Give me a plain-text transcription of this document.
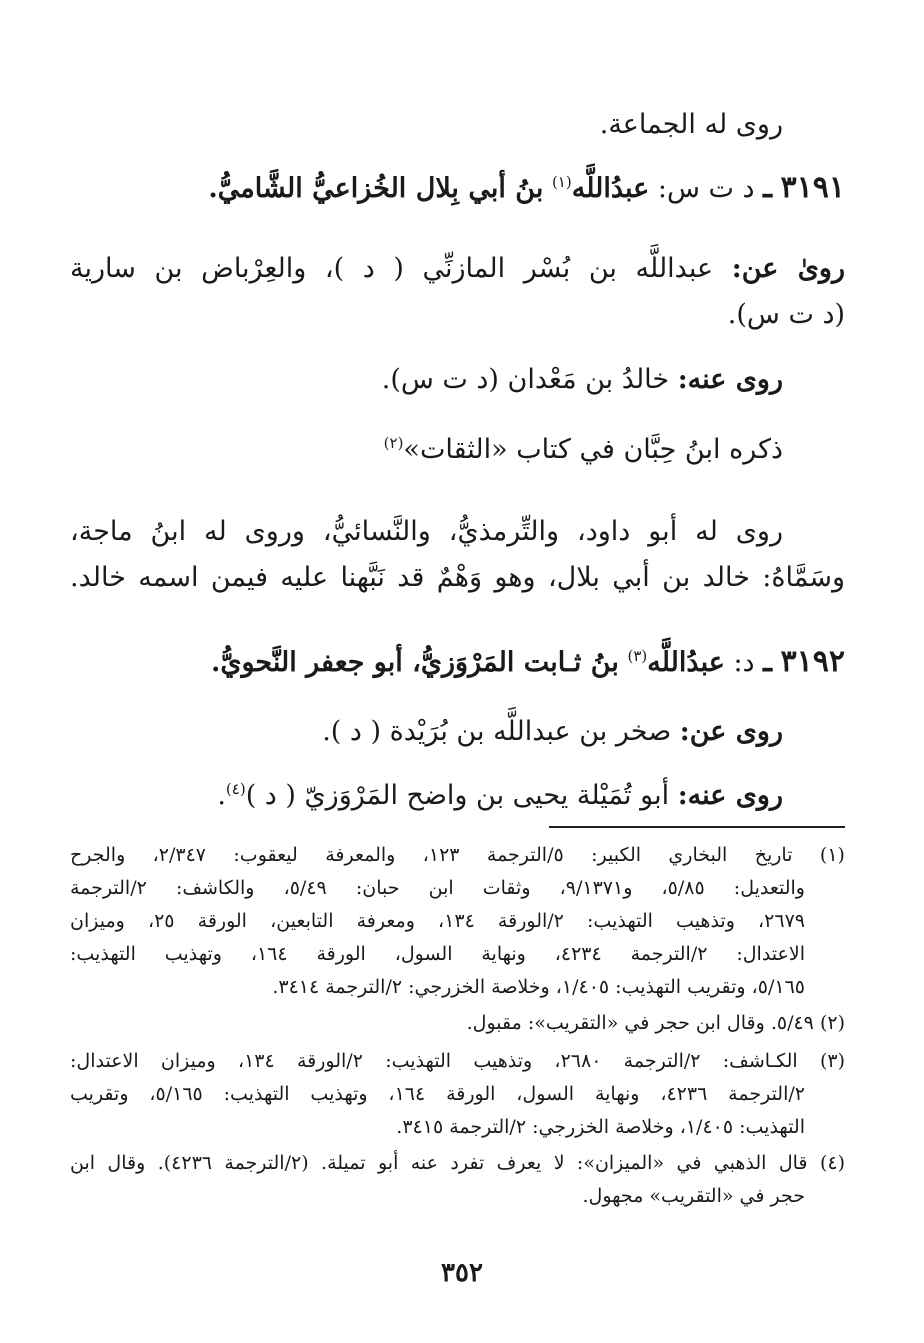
روى له الجماعة.
٣١٩١ ـ د ت س: عبدُاللَّه$^{(١)}$ بنُ أبي بِلال الخُزاعيُّ الشَّاميُّ.
روىٰ عن: عبداللَّه بن بُسْر المازنِّي ( د )، والعِرْباض بن سارية
(د ت س).
روى عنه: خالدُ بن مَعْدان (د ت س).
ذكره ابنُ حِبَّان في كتاب «الثقات»$^{(٢)}$
روى له أبو داود، والتِّرمذيُّ، والنَّسائيُّ، وروى له ابنُ ماجة،
وسَمَّاهُ: خالد بن أبي بلال، وهو وَهْمٌ قد نَبَّهنا عليه فيمن اسمه خالد.
٣١٩٢ ـ د: عبدُاللَّه$^{(٣)}$ بنُ ثـابت المَرْوَزيُّ، أبو جعفر النَّحويُّ.
روى عن: صخر بن عبداللَّه بن بُرَيْدة ( د ).
روى عنه: أبو تُمَيْلة يحيى بن واضح المَرْوَزيّ ( د )$^{(٤)}$.
(١) تاريخ البخاري الكبير: ٥/الترجمة ١٢٣، والمعرفة ليعقوب: ٢/٣٤٧، والجرح
والتعديل: ٥/٨٥، و٩/١٣٧١، وثقات ابن حبان: ٥/٤٩، والكاشف: ٢/الترجمة
٢٦٧٩، وتذهيب التهذيب: ٢/الورقة ١٣٤، ومعرفة التابعين، الورقة ٢٥، وميزان
الاعتدال: ٢/الترجمة ٤٢٣٤، ونهاية السول، الورقة ١٦٤، وتهذيب التهذيب:
٥/١٦٥، وتقريب التهذيب: ١/٤٠٥، وخلاصة الخزرجي: ٢/الترجمة ٣٤١٤.
(٢) ٥/٤٩. وقال ابن حجر في «التقريب»: مقبول.
(٣) الكـاشف: ٢/الترجمة ٢٦٨٠، وتذهيب التهذيب: ٢/الورقة ١٣٤، وميزان الاعتدال:
٢/الترجمة ٤٢٣٦، ونهاية السول، الورقة ١٦٤، وتهذيب التهذيب: ٥/١٦٥، وتقريب
التهذيب: ١/٤٠٥، وخلاصة الخزرجي: ٢/الترجمة ٣٤١٥.
(٤) قال الذهبي في «الميزان»: لا يعرف تفرد عنه أبو تميلة. (٢/الترجمة ٤٢٣٦). وقال ابن
حجر في «التقريب» مجهول.
٣٥٢
